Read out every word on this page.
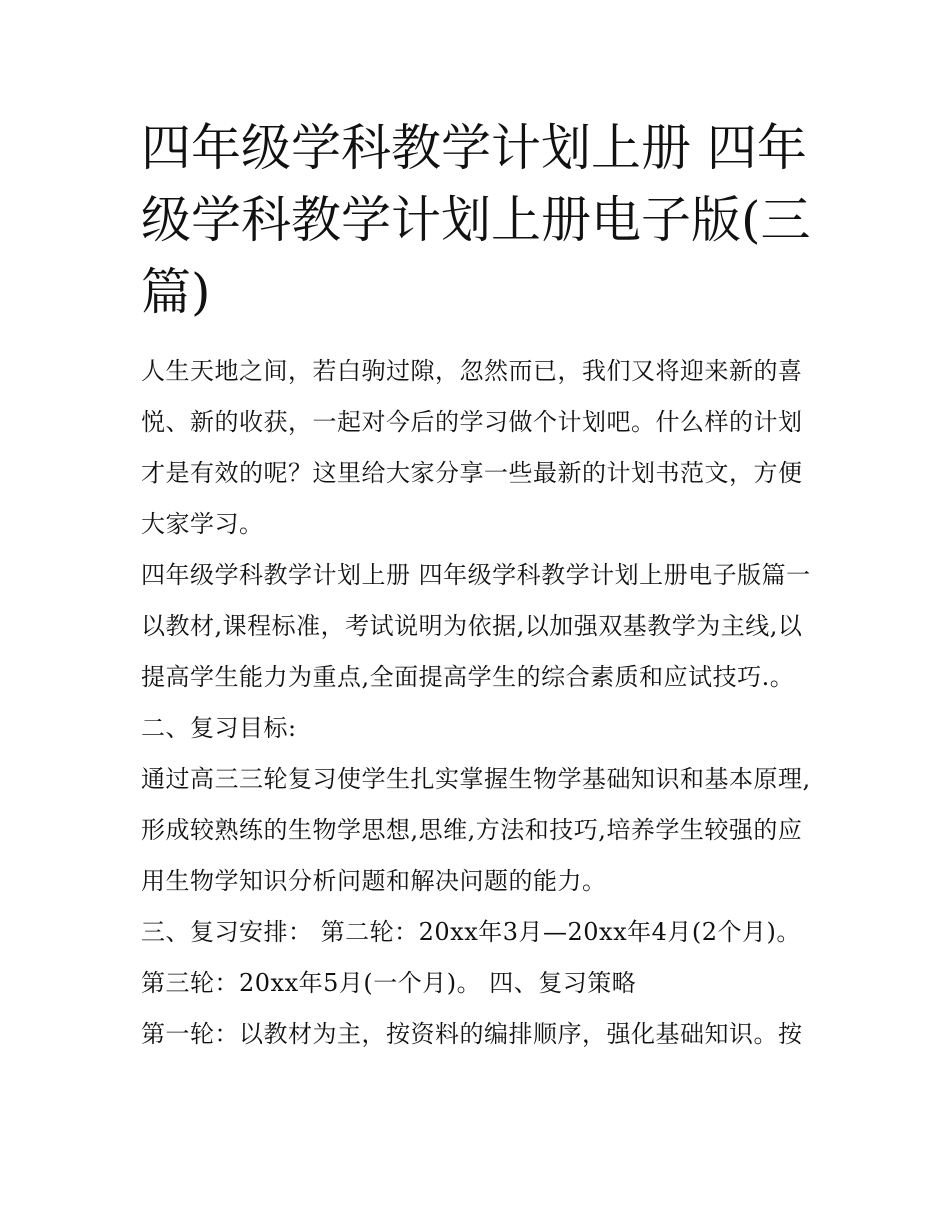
四年级学科教学计划上册 四年级学科教学计划上册电子版(三篇)

人生天地之间，若白驹过隙，忽然而已，我们又将迎来新的喜悦、新的收获，一起对今后的学习做个计划吧。什么样的计划才是有效的呢？这里给大家分享一些最新的计划书范文，方便大家学习。

四年级学科教学计划上册 四年级学科教学计划上册电子版篇一

以教材,课程标准，考试说明为依据,以加强双基教学为主线,以提高学生能力为重点,全面提高学生的综合素质和应试技巧.。

二、复习目标:

通过高三三轮复习使学生扎实掌握生物学基础知识和基本原理,形成较熟练的生物学思想,思维,方法和技巧,培养学生较强的应用生物学知识分析问题和解决问题的能力。

三、复习安排： 第二轮：20xx年3月—20xx年4月(2个月)。

第三轮：20xx年5月(一个月)。 四、复习策略

第一轮：以教材为主，按资料的编排顺序，强化基础知识。按
